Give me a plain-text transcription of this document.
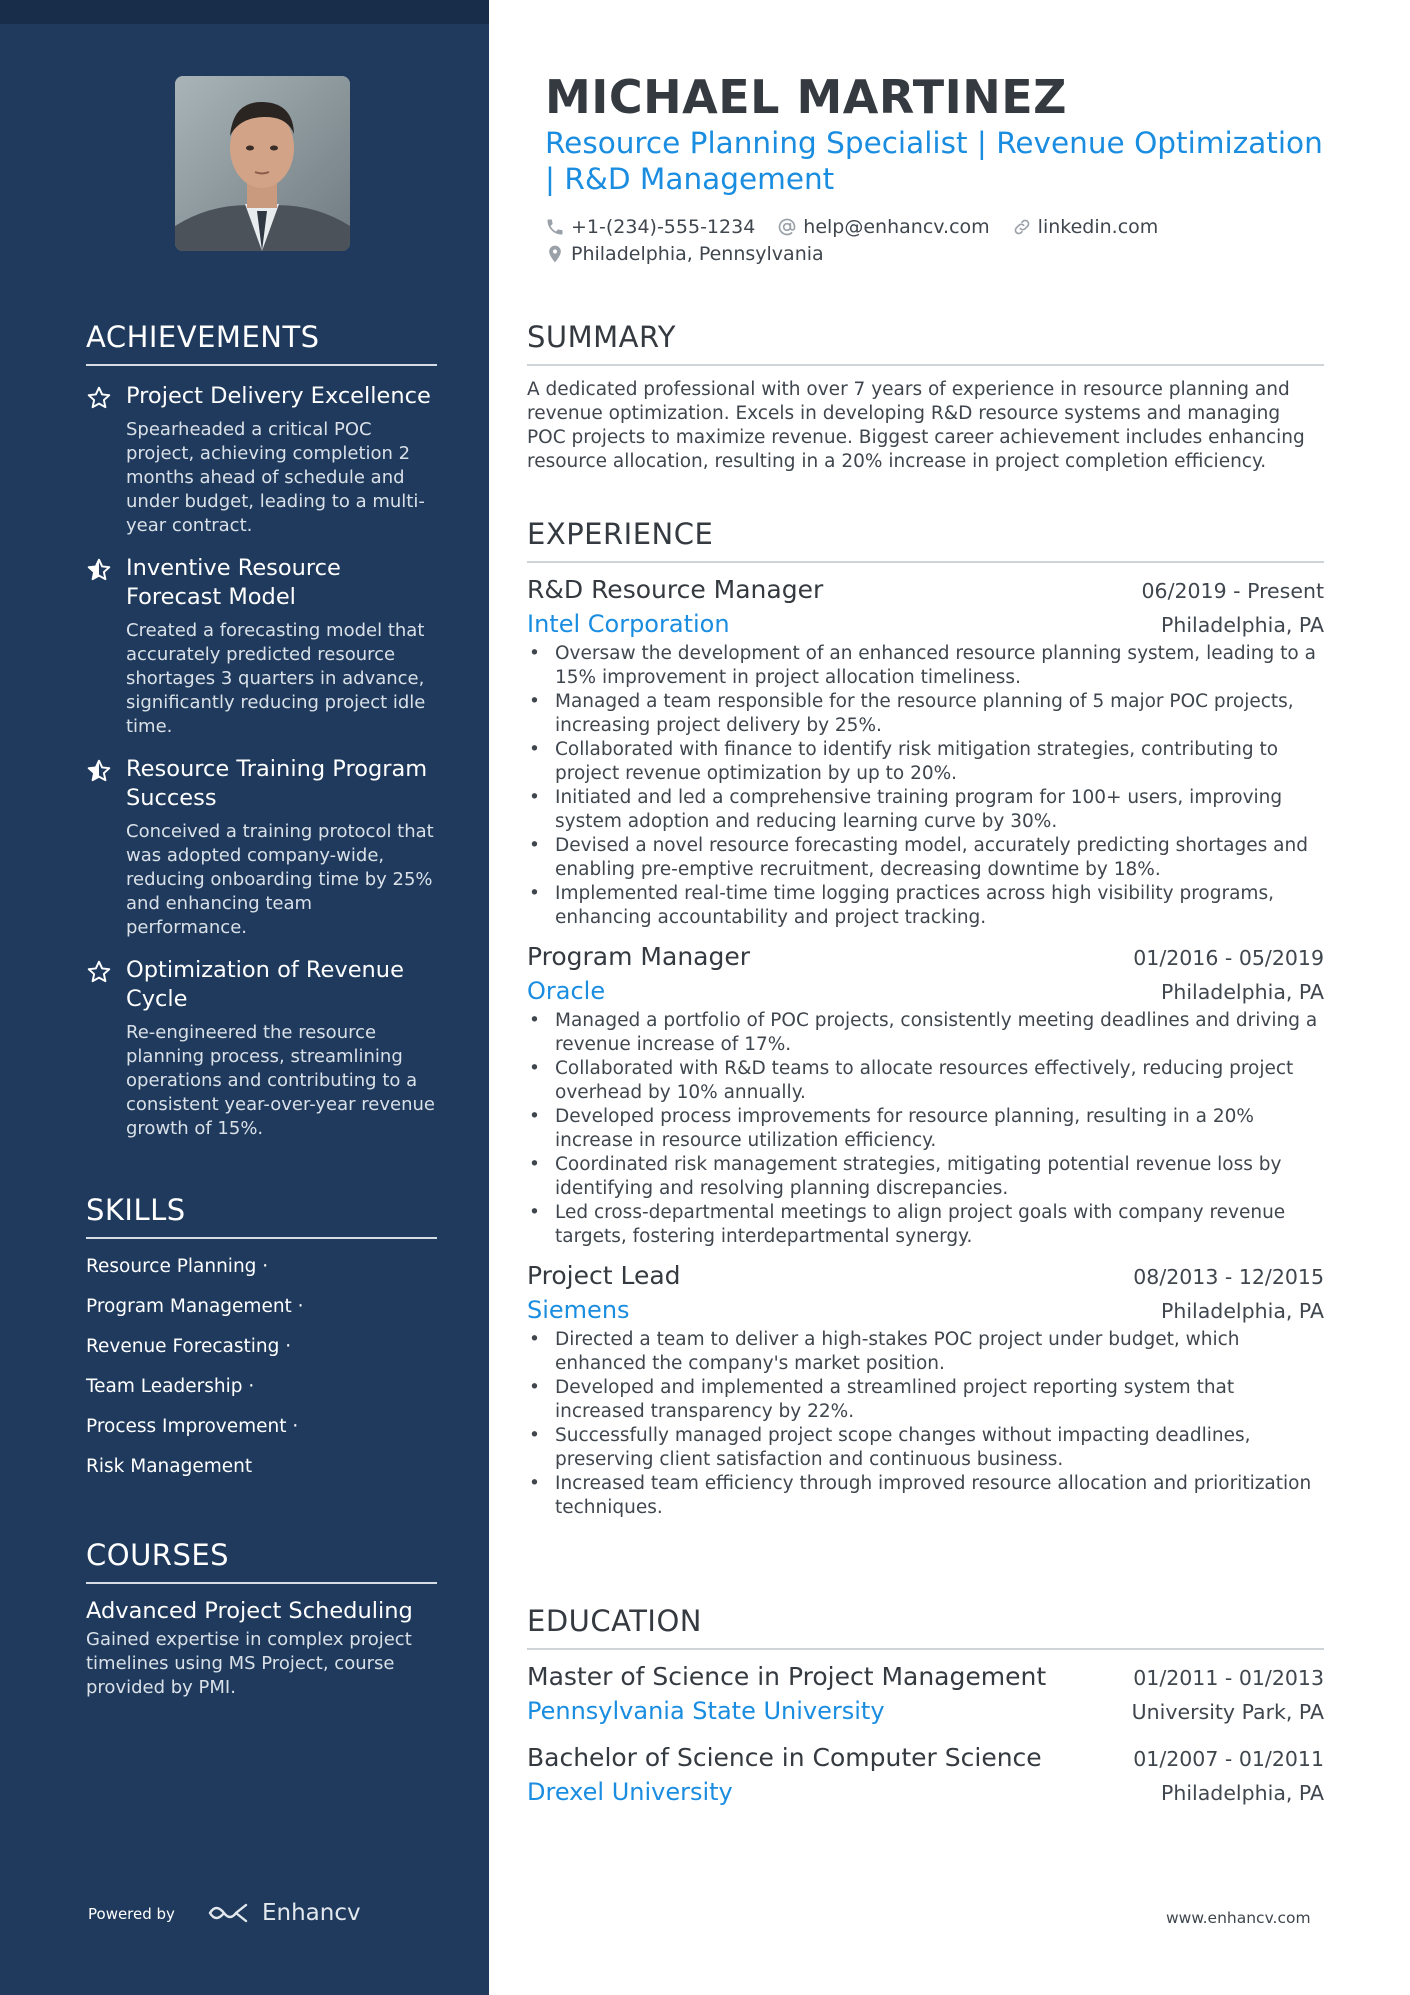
ACHIEVEMENTS
Project Delivery Excellence
Spearheaded a critical POC project, achieving completion 2 months ahead of schedule and under budget, leading to a multi-year contract.
Inventive Resource Forecast Model
Created a forecasting model that accurately predicted resource shortages 3 quarters in advance, significantly reducing project idle time.
Resource Training Program Success
Conceived a training protocol that was adopted company-wide, reducing onboarding time by 25% and enhancing team performance.
Optimization of Revenue Cycle
Re-engineered the resource planning process, streamlining operations and contributing to a consistent year-over-year revenue growth of 15%.
SKILLS
Resource Planning ·
Program Management ·
Revenue Forecasting ·
Team Leadership ·
Process Improvement ·
Risk Management
COURSES
Advanced Project Scheduling
Gained expertise in complex project timelines using MS Project, course provided by PMI.
Powered by	Enhancv
MICHAEL MARTINEZ
Resource Planning Specialist | Revenue Optimization | R&D Management
+1-(234)-555-1234	help@enhancv.com	linkedin.com
Philadelphia, Pennsylvania
SUMMARY
A dedicated professional with over 7 years of experience in resource planning and revenue optimization. Excels in developing R&D resource systems and managing POC projects to maximize revenue. Biggest career achievement includes enhancing resource allocation, resulting in a 20% increase in project completion efficiency.
EXPERIENCE
R&D Resource Manager	06/2019 - Present
Intel Corporation	Philadelphia, PA
• Oversaw the development of an enhanced resource planning system, leading to a 15% improvement in project allocation timeliness.
• Managed a team responsible for the resource planning of 5 major POC projects, increasing project delivery by 25%.
• Collaborated with finance to identify risk mitigation strategies, contributing to project revenue optimization by up to 20%.
• Initiated and led a comprehensive training program for 100+ users, improving system adoption and reducing learning curve by 30%.
• Devised a novel resource forecasting model, accurately predicting shortages and enabling pre-emptive recruitment, decreasing downtime by 18%.
• Implemented real-time time logging practices across high visibility programs, enhancing accountability and project tracking.
Program Manager	01/2016 - 05/2019
Oracle	Philadelphia, PA
• Managed a portfolio of POC projects, consistently meeting deadlines and driving a revenue increase of 17%.
• Collaborated with R&D teams to allocate resources effectively, reducing project overhead by 10% annually.
• Developed process improvements for resource planning, resulting in a 20% increase in resource utilization efficiency.
• Coordinated risk management strategies, mitigating potential revenue loss by identifying and resolving planning discrepancies.
• Led cross-departmental meetings to align project goals with company revenue targets, fostering interdepartmental synergy.
Project Lead	08/2013 - 12/2015
Siemens	Philadelphia, PA
• Directed a team to deliver a high-stakes POC project under budget, which enhanced the company's market position.
• Developed and implemented a streamlined project reporting system that increased transparency by 22%.
• Successfully managed project scope changes without impacting deadlines, preserving client satisfaction and continuous business.
• Increased team efficiency through improved resource allocation and prioritization techniques.
EDUCATION
Master of Science in Project Management	01/2011 - 01/2013
Pennsylvania State University	University Park, PA
Bachelor of Science in Computer Science	01/2007 - 01/2011
Drexel University	Philadelphia, PA
www.enhancv.com
